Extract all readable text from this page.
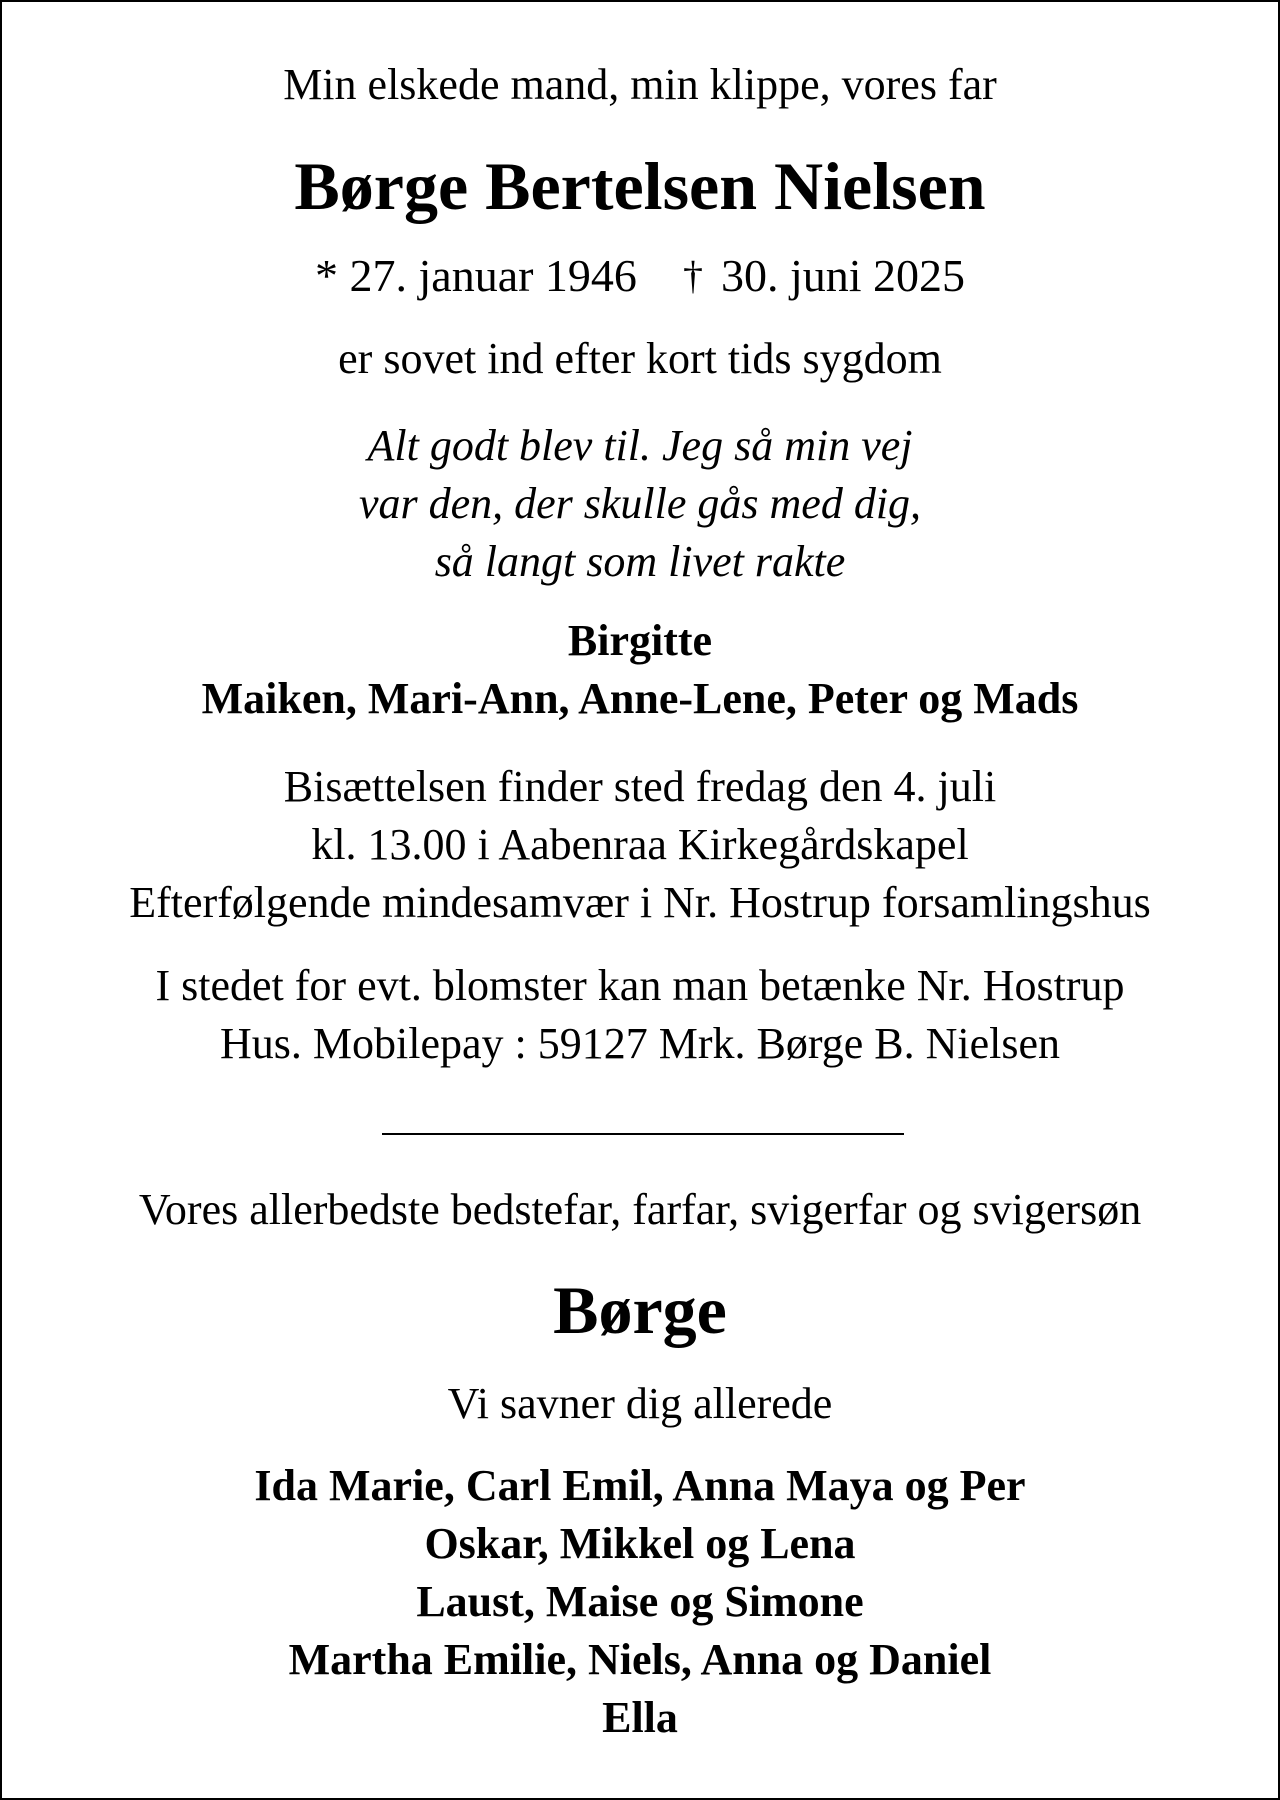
Min elskede mand, min klippe, vores far
Børge Bertelsen Nielsen
* 27. januar 1946 † 30. juni 2025
er sovet ind efter kort tids sygdom
Alt godt blev til. Jeg så min vej
var den, der skulle gås med dig,
så langt som livet rakte
Birgitte
Maiken, Mari-Ann, Anne-Lene, Peter og Mads
Bisættelsen finder sted fredag den 4. juli
kl. 13.00 i Aabenraa Kirkegårdskapel
Efterfølgende mindesamvær i Nr. Hostrup forsamlingshus
I stedet for evt. blomster kan man betænke Nr. Hostrup
Hus. Mobilepay : 59127 Mrk. Børge B. Nielsen
Vores allerbedste bedstefar, farfar, svigerfar og svigersøn
Børge
Vi savner dig allerede
Ida Marie, Carl Emil, Anna Maya og Per
Oskar, Mikkel og Lena
Laust, Maise og Simone
Martha Emilie, Niels, Anna og Daniel
Ella
